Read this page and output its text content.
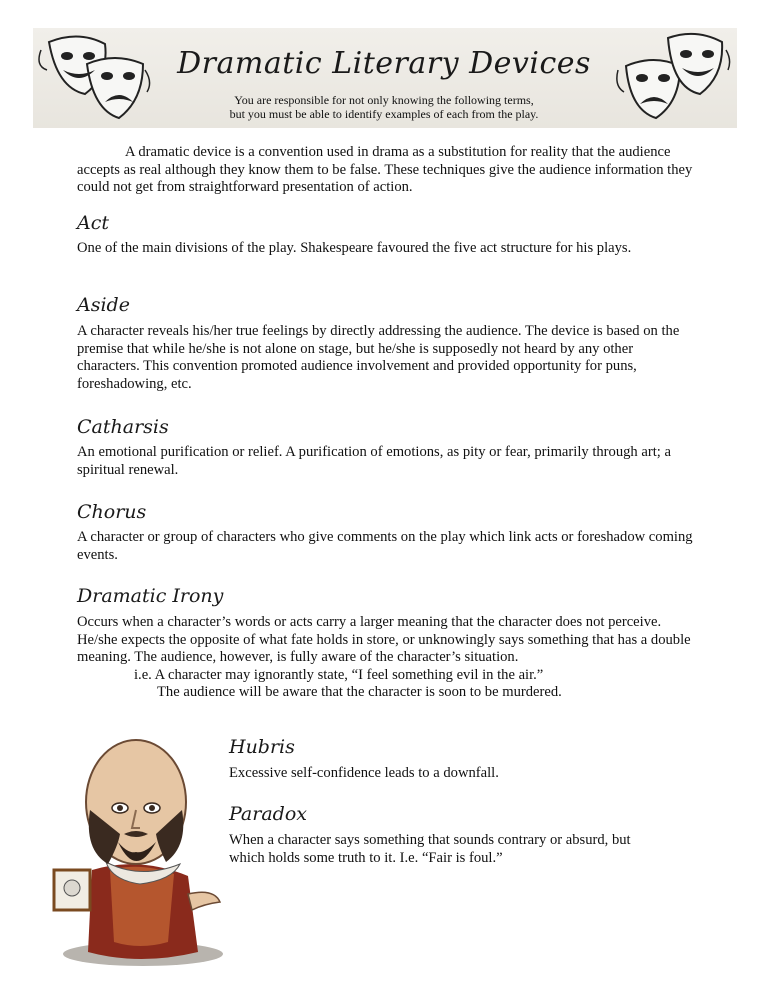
Dramatic Literary Devices
You are responsible for not only knowing the following terms,
but you must be able to identify examples of each from the play.
A dramatic device is a convention used in drama as a substitution for reality that the audience accepts as real although they know them to be false. These techniques give the audience information they could not get from straightforward presentation of action.
Act
One of the main divisions of the play. Shakespeare favoured the five act structure for his plays.
Aside
A character reveals his/her true feelings by directly addressing the audience. The device is based on the premise that while he/she is not alone on stage, but he/she is supposedly not heard by any other characters. This convention promoted audience involvement and provided opportunity for puns, foreshadowing, etc.
Catharsis
An emotional purification or relief. A purification of emotions, as pity or fear, primarily through art; a spiritual renewal.
Chorus
A character or group of characters who give comments on the play which link acts or foreshadow coming events.
Dramatic Irony
Occurs when a character’s words or acts carry a larger meaning that the character does not perceive. He/she expects the opposite of what fate holds in store, or unknowingly says something that has a double meaning. The audience, however, is fully aware of the character’s situation.
i.e. A character may ignorantly state, “I feel something evil in the air.”
The audience will be aware that the character is soon to be murdered.
Hubris
Excessive self-confidence leads to a downfall.
Paradox
When a character says something that sounds contrary or absurd, but which holds some truth to it. I.e. “Fair is foul.”
